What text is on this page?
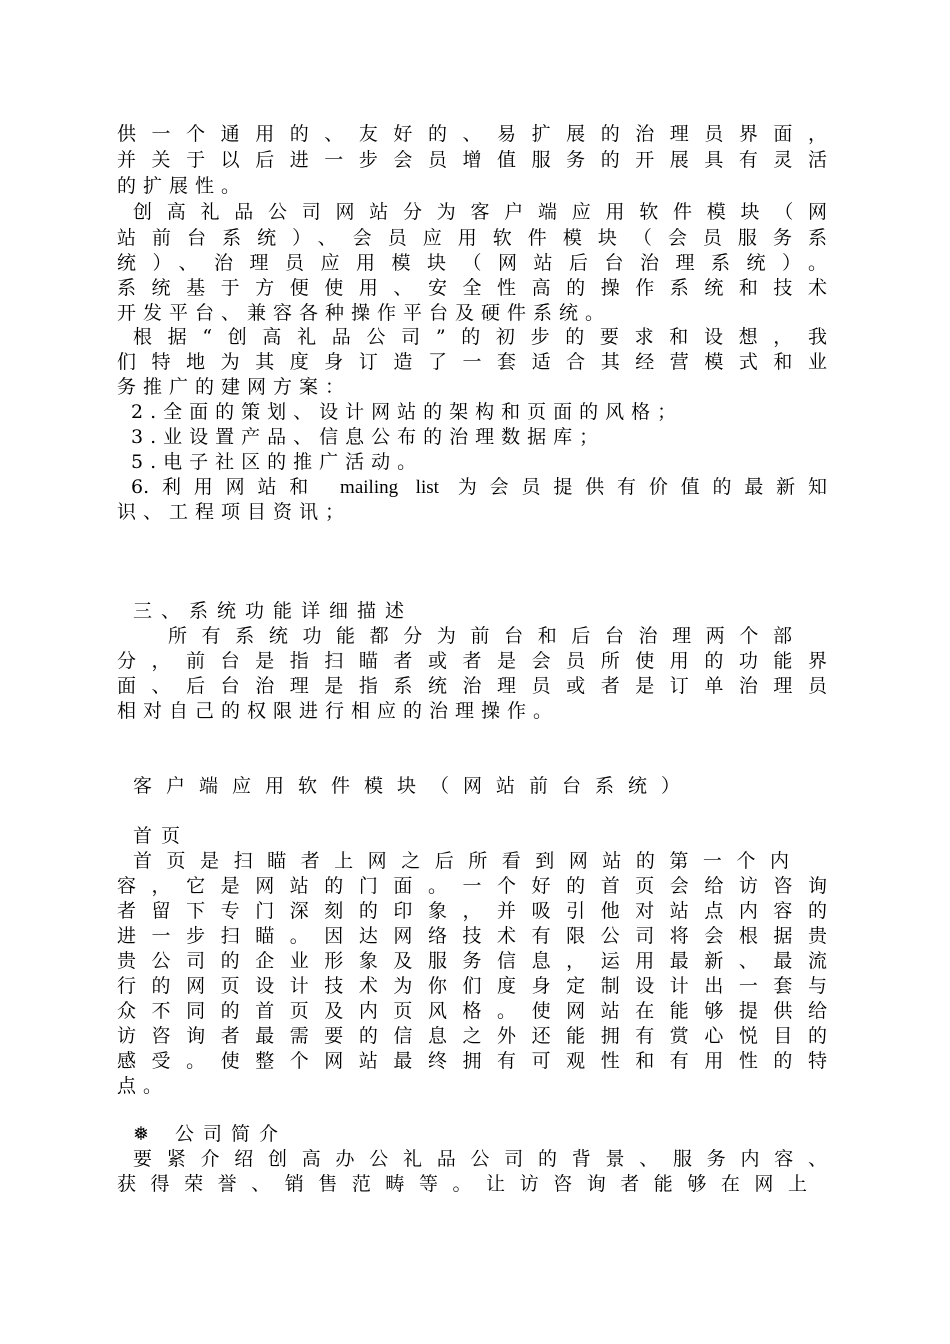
供一个通用的、友好的、易扩展的治理员界面，
并关于以后进一步会员增值服务的开展具有灵活
的扩展性。
创高礼品公司网站分为客户端应用软件模块（网
站前台系统）、会员应用软件模块（会员服务系
统）、治理员应用模块（网站后台治理系统）。
系统基于方便使用、安全性高的操作系统和技术
开发平台、兼容各种操作平台及硬件系统。
根据“创高礼品公司”的初步的要求和设想，我
们特地为其度身订造了一套适合其经营模式和业
务推广的建网方案：
2.全面的策划、设计网站的架构和页面的风格；
3.业设置产品、信息公布的治理数据库；
5.电子社区的推广活动。
6.利用网站和 mailing list 为会员提供有价值的最新知
识、工程项目资讯；
三、系统功能详细描述
所有系统功能都分为前台和后台治理两个部
分，前台是指扫瞄者或者是会员所使用的功能界
面、后台治理是指系统治理员或者是订单治理员
相对自己的权限进行相应的治理操作。
客户端应用软件模块（网站前台系统）
首页
首页是扫瞄者上网之后所看到网站的第一个内
容，它是网站的门面。一个好的首页会给访咨询
者留下专门深刻的印象，并吸引他对站点内容的
进一步扫瞄。因达网络技术有限公司将会根据贵
贵公司的企业形象及服务信息，运用最新、最流
行的网页设计技术为你们度身定制设计出一套与
众不同的首页及内页风格。使网站在能够提供给
访咨询者最需要的信息之外还能拥有赏心悦目的
感受。使整个网站最终拥有可观性和有用性的特
点。
❅ 公司简介
要紧介绍创高办公礼品公司的背景、服务内容、
获得荣誉、销售范畴等。让访咨询者能够在网上
